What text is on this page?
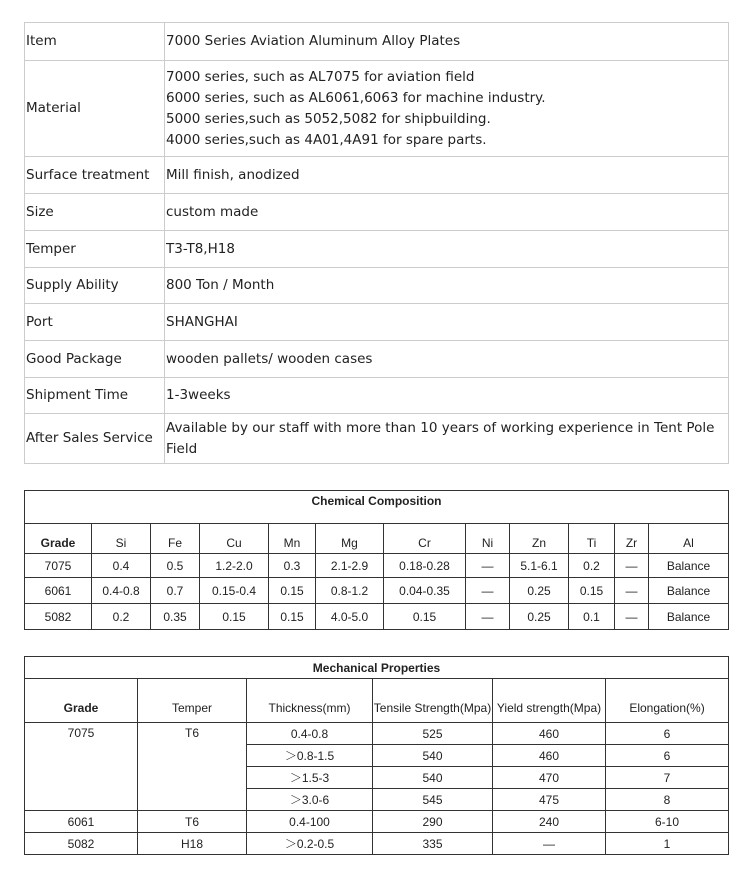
Item	7000 Series Aviation Aluminum Alloy Plates

Material	7000 series, such as AL7075 for aviation field
6000 series, such as AL6061,6063 for machine industry.
5000 series,such as 5052,5082 for shipbuilding.
4000 series,such as 4A01,4A91 for spare parts.

Surface treatment	Mill finish, anodized

Size	custom made

Temper	T3-T8,H18

Supply Ability	800 Ton / Month

Port	SHANGHAI

Good Package	wooden pallets/ wooden cases

Shipment Time	1-3weeks

After Sales Service	Available by our staff with more than 10 years of working experience in Tent Pole Field
Chemical Composition											
Grade	Si	Fe	Cu	Mn	Mg	Cr	Ni	Zn	Ti	Zr	Al
7075	0.4	0.5	1.2-2.0	0.3	2.1-2.9	0.18-0.28	—	5.1-6.1	0.2	—	Balance
6061	0.4-0.8	0.7	0.15-0.4	0.15	0.8-1.2	0.04-0.35	—	0.25	0.15	—	Balance
5082	0.2	0.35	0.15	0.15	4.0-5.0	0.15	—	0.25	0.1	—	Balance
Mechanical Properties					
Grade	Temper	Thickness(mm)	Tensile Strength(Mpa)	Yield strength(Mpa)	Elongation(%)
7075	T6	0.4-0.8	525	460	6
		＞0.8-1.5	540	460	6
		＞1.5-3	540	470	7
		＞3.0-6	545	475	8
6061	T6	0.4-100	290	240	6-10
5082	H18	＞0.2-0.5	335	—	1
